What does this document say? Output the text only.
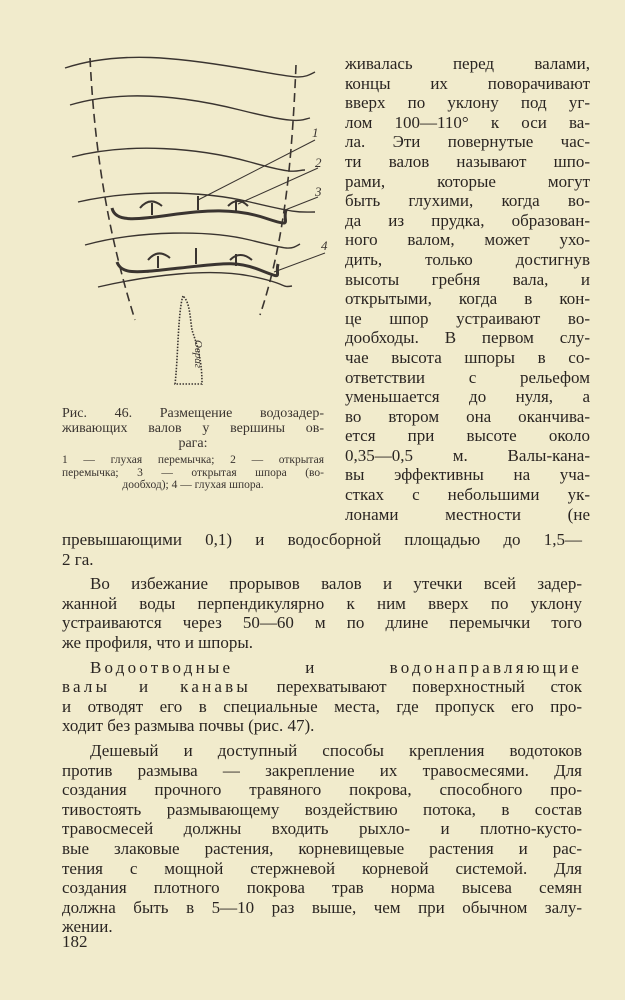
Овраг
1
2
3
4
Рис. 46. Размещение водозадер-
живающих валов у вершины ов-
рага:
1 — глухая перемычка; 2 — открытая
перемычка; 3 — открытая шпора (во-
дообход); 4 — глухая шпора.
живалась перед валами,
концы их поворачивают
вверх по уклону под уг-
лом 100—110° к оси ва-
ла. Эти повернутые час-
ти валов называют шпо-
рами, которые могут
быть глухими, когда во-
да из прудка, образован-
ного валом, может ухо-
дить, только достигнув
высоты гребня вала, и
открытыми, когда в кон-
це шпор устраивают во-
дообходы. В первом слу-
чае высота шпоры в со-
ответствии с рельефом
уменьшается до нуля, а
во втором она оканчива-
ется при высоте около
0,35—0,5 м. Валы-кана-
вы эффективны на уча-
стках с небольшими ук-
лонами местности (не
превышающими 0,1) и водосборной площадью до 1,5—
2 га.
Во избежание прорывов валов и утечки всей задер-
жанной воды перпендикулярно к ним вверх по уклону
устраиваются через 50—60 м по длине перемычки того
же профиля, что и шпоры.
Водоотводные и водонаправляющие
валы и канавы перехватывают поверхностный сток
и отводят его в специальные места, где пропуск его про-
ходит без размыва почвы (рис. 47).
Дешевый и доступный способы крепления водотоков
против размыва — закрепление их травосмесями. Для
создания прочного травяного покрова, способного про-
тивостоять размывающему воздействию потока, в состав
травосмесей должны входить рыхло- и плотно-кусто-
вые злаковые растения, корневищевые растения и рас-
тения с мощной стержневой корневой системой. Для
создания плотного покрова трав норма высева семян
должна быть в 5—10 раз выше, чем при обычном залу-
жении.
182
